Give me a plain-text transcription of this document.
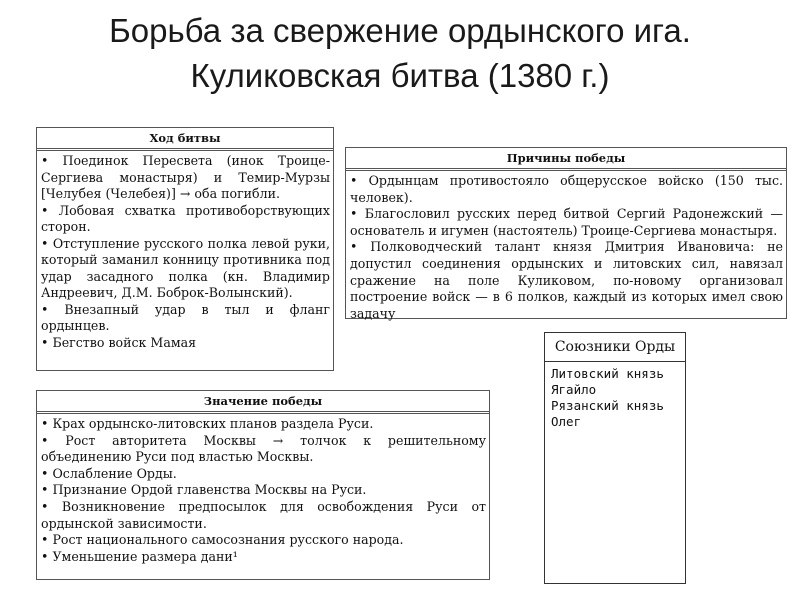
Борьба за свержение ордынского ига.
Куликовская битва (1380 г.)
Ход битвы
• Поединок Пересвета (инок Троице-Сергиева монастыря) и Темир-Мурзы [Челубея (Челебея)] → оба погибли.
• Лобовая схватка противоборствующих сторон.
• Отступление русского полка левой руки, который заманил конницу противника под удар засадного полка (кн. Владимир Андреевич, Д.М. Боброк-Волынский).
• Внезапный удар в тыл и фланг ордынцев.
• Бегство войск Мамая
Причины победы
• Ордынцам противостояло общерусское войско (150 тыс. человек).
• Благословил русских перед битвой Сергий Радонежский — основатель и игумен (настоятель) Троице-Сергиева монастыря.
• Полководческий талант князя Дмитрия Ивановича: не допустил соединения ордынских и литовских сил, навязал сражение на поле Куликовом, по-новому организовал построение войск — в 6 полков, каждый из которых имел свою задачу
Значение победы
• Крах ордынско-литовских планов раздела Руси.
• Рост авторитета Москвы → толчок к решительному объединению Руси под властью Москвы.
• Ослабление Орды.
• Признание Ордой главенства Москвы на Руси.
• Возникновение предпосылок для освобождения Руси от ордынской зависимости.
• Рост национального самосознания русского народа.
• Уменьшение размера дани¹
Союзники Орды
Литовский князь
Ягайло
Рязанский князь
Олег
